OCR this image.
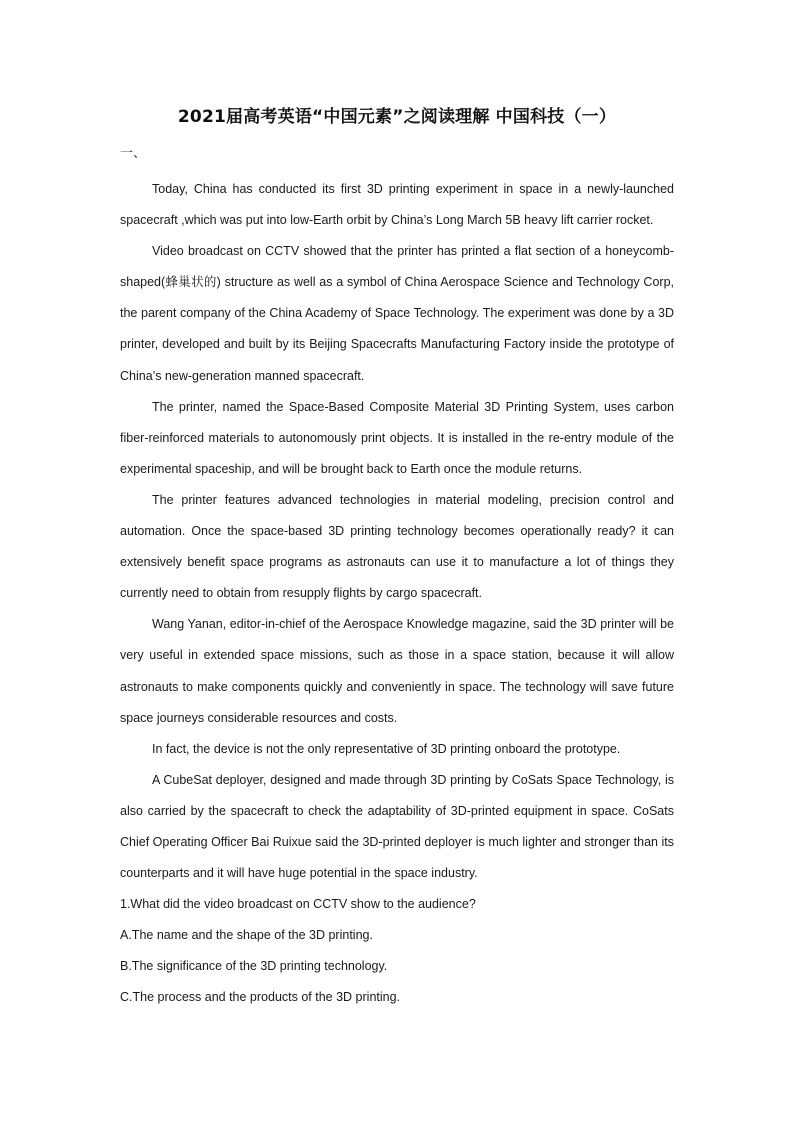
2021届高考英语“中国元素”之阅读理解 中国科技（一）
一、

Today, China has conducted its first 3D printing experiment in space in a newly-launched spacecraft ,which was put into low-Earth orbit by China’s Long March 5B heavy lift carrier rocket.

Video broadcast on CCTV showed that the printer has printed a flat section of a honeycomb-shaped(蜂巢状的) structure as well as a symbol of China Aerospace Science and Technology Corp, the parent company of the China Academy of Space Technology. The experiment was done by a 3D printer, developed and built by its Beijing Spacecrafts Manufacturing Factory inside the prototype of China’s new-generation manned spacecraft.

The printer, named the Space-Based Composite Material 3D Printing System, uses carbon fiber-reinforced materials to autonomously print objects. It is installed in the re-entry module of the experimental spaceship, and will be brought back to Earth once the module returns.

The printer features advanced technologies in material modeling, precision control and automation. Once the space-based 3D printing technology becomes operationally ready? it can extensively benefit space programs as astronauts can use it to manufacture a lot of things they currently need to obtain from resupply flights by cargo spacecraft.

Wang Yanan, editor-in-chief of the Aerospace Knowledge magazine, said the 3D printer will be very useful in extended space missions, such as those in a space station, because it will allow astronauts to make components quickly and conveniently in space. The technology will save future space journeys considerable resources and costs.

In fact, the device is not the only representative of 3D printing onboard the prototype.

A CubeSat deployer, designed and made through 3D printing by CoSats Space Technology, is also carried by the spacecraft to check the adaptability of 3D-printed equipment in space. CoSats Chief Operating Officer Bai Ruixue said the 3D-printed deployer is much lighter and stronger than its counterparts and it will have huge potential in the space industry.

1.What did the video broadcast on CCTV show to the audience?

A.The name and the shape of the 3D printing.

B.The significance of the 3D printing technology.

C.The process and the products of the 3D printing.
